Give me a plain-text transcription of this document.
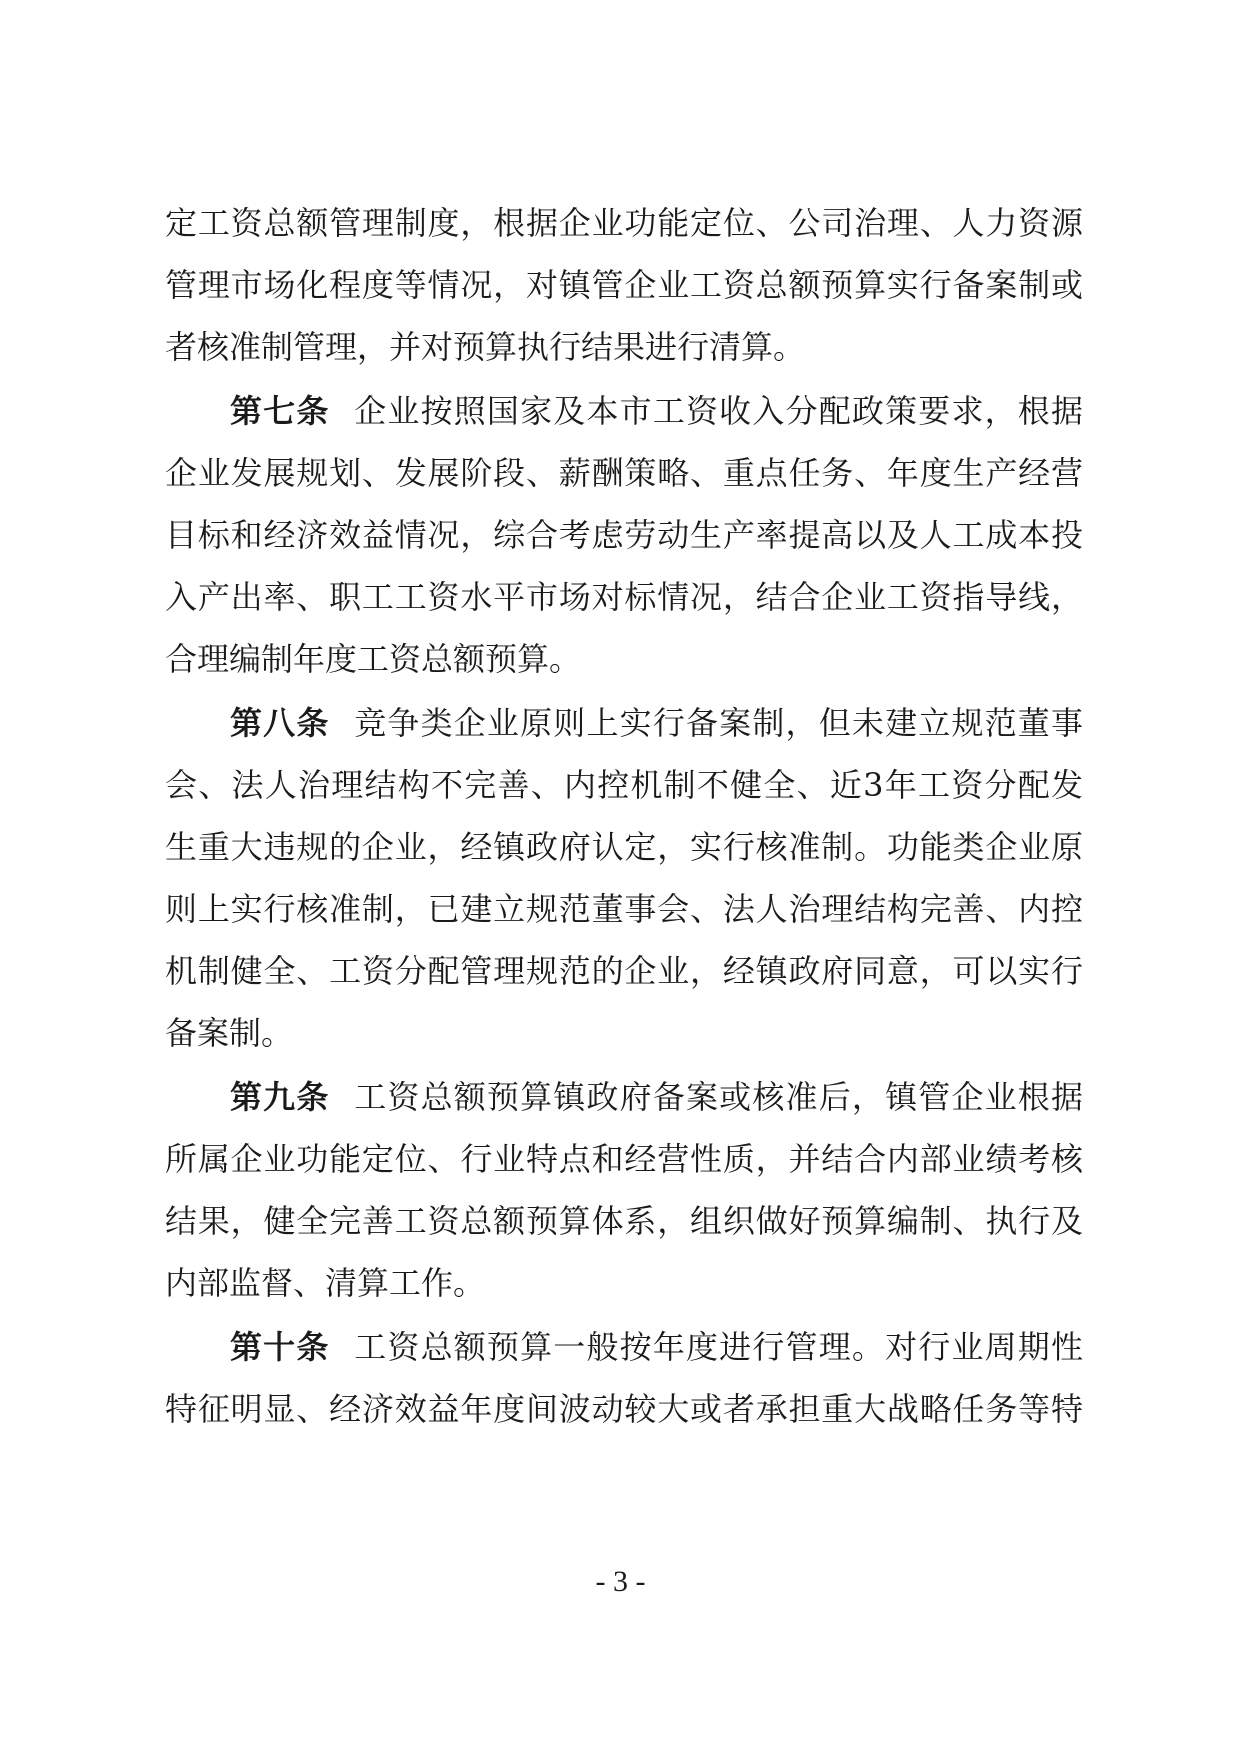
定工资总额管理制度，根据企业功能定位、公司治理、人力资源
管理市场化程度等情况，对镇管企业工资总额预算实行备案制或
者核准制管理，并对预算执行结果进行清算。
第七条 企业按照国家及本市工资收入分配政策要求，根据
企业发展规划、发展阶段、薪酬策略、重点任务、年度生产经营
目标和经济效益情况，综合考虑劳动生产率提高以及人工成本投
入产出率、职工工资水平市场对标情况，结合企业工资指导线，
合理编制年度工资总额预算。
第八条 竞争类企业原则上实行备案制，但未建立规范董事
会、法人治理结构不完善、内控机制不健全、近3年工资分配发
生重大违规的企业，经镇政府认定，实行核准制。功能类企业原
则上实行核准制，已建立规范董事会、法人治理结构完善、内控
机制健全、工资分配管理规范的企业，经镇政府同意，可以实行
备案制。
第九条 工资总额预算镇政府备案或核准后，镇管企业根据
所属企业功能定位、行业特点和经营性质，并结合内部业绩考核
结果，健全完善工资总额预算体系，组织做好预算编制、执行及
内部监督、清算工作。
第十条 工资总额预算一般按年度进行管理。对行业周期性
特征明显、经济效益年度间波动较大或者承担重大战略任务等特
- 3 -
